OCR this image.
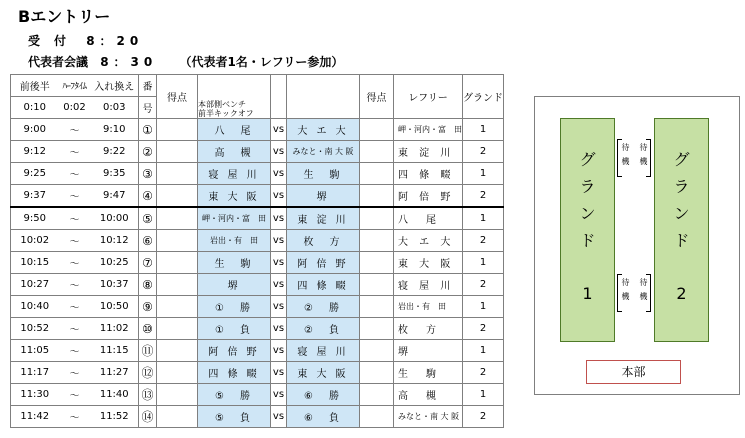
Bエントリー
受　付 8：20
代表者会議 8：30 （代表者1名・レフリー参加）
前後半	ﾊｰﾌﾀｲﾑ	入れ換え	番	得点				得点	レフリー	グランド
0:10	0:02	0:03	号		本部側ベンチ
前半キックオフ					

9:00	～	9:10	①		八　尾	vs	大 エ 大		岬・河内・富　田	1
9:12	～	9:22	②		高　槻	vs	みなと・南 大 阪		東 淀 川	2
9:25	～	9:35	③		寝 屋 川	vs	生　駒		四 條 畷	1
9:37	～	9:47	④		東 大 阪	vs	堺		阿 倍 野	2
9:50	～	10:00	⑤		岬・河内・富　田	vs	東 淀 川		八　尾	1
10:02	～	10:12	⑥		岩出・有　田	vs	枚　方		大 エ 大	2
10:15	～	10:25	⑦		生　駒	vs	阿 倍 野		東 大 阪	1
10:27	～	10:37	⑧		堺	vs	四 條 畷		寝 屋 川	2
10:40	～	10:50	⑨		①　勝	vs	②　勝		岩出・有　田	1
10:52	～	11:02	⑩		①　負	vs	②　負		枚　方	2
11:05	～	11:15	⑪		阿 倍 野	vs	寝 屋 川		堺	1
11:17	～	11:27	⑫		四 條 畷	vs	東 大 阪		生　駒	2
11:30	～	11:40	⑬		⑤　勝	vs	⑥　勝		高　槻	1
11:42	～	11:52	⑭		⑤　負	vs	⑥　負		みなと・南 大 阪	2
グ
ラ
ン
ド
1
グ
ラ
ン
ド
2
待
機
待
機
待
機
待
機
本部
